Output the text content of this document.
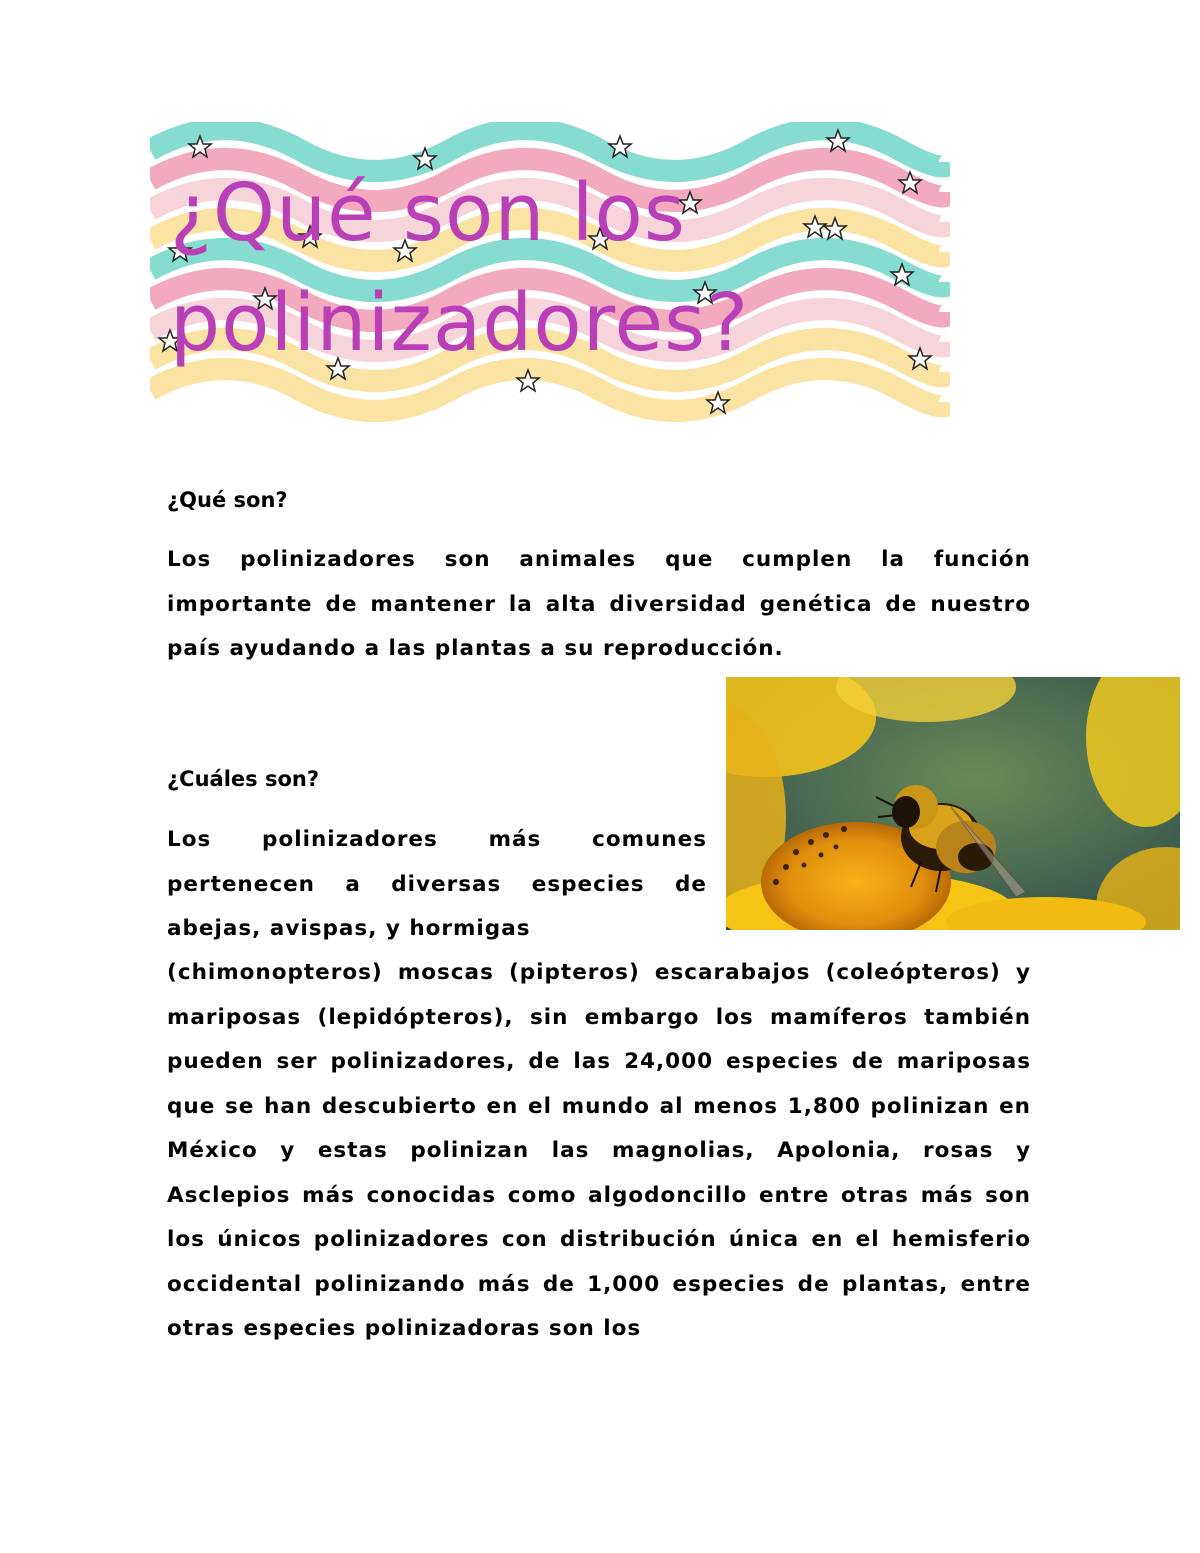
¿Qué son los polinizadores?
¿Qué son?

Los polinizadores son animales que cumplen la función importante de mantener la alta diversidad genética de nuestro país ayudando a las plantas a su reproducción.

¿Cuáles son?

Los polinizadores más comunes pertenecen a diversas especies de abejas, avispas, y hormigas

(chimonopteros) moscas (pipteros) escarabajos (coleópteros) y mariposas (lepidópteros), sin embargo los mamíferos también pueden ser polinizadores, de las 24,000 especies de mariposas que se han descubierto en el mundo al menos 1,800 polinizan en México y estas polinizan las magnolias, Apolonia, rosas y Asclepios más conocidas como algodoncillo entre otras más son los únicos polinizadores con distribución única en el hemisferio occidental polinizando más de 1,000 especies de plantas, entre otras especies polinizadoras son los
